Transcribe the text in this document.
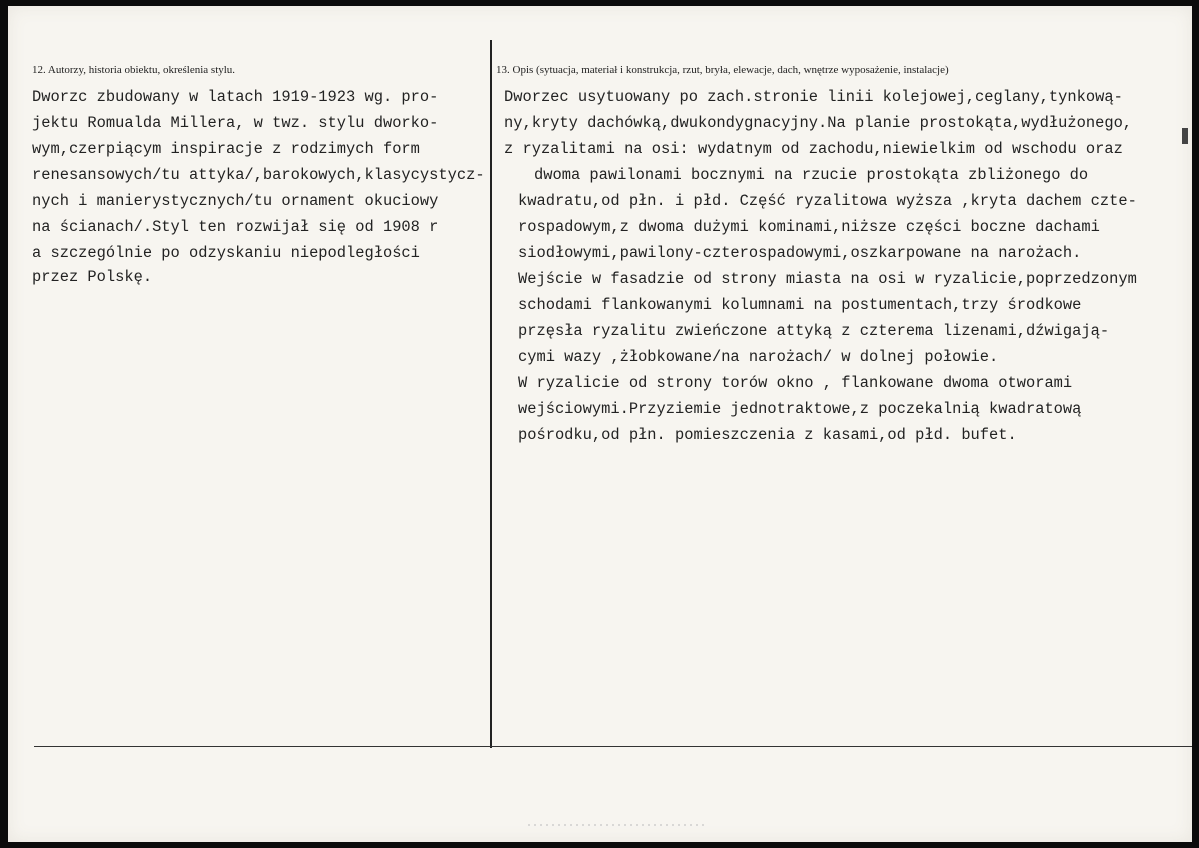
12. Autorzy, historia obiektu, określenia stylu.	13. Opis (sytuacja, materiał i konstrukcja, rzut, bryła, elewacje, dach, wnętrze wyposażenie, instalacje)
Dworzc zbudowany w latach 1919-1923 wg. pro-
jektu Romualda Millera, w twz. stylu dworko-
wym,czerpiącym inspiracje z rodzimych form
renesansowych/tu attyka/,barokowych,klasycystycz-
nych i manierystycznych/tu ornament okuciowy
na ścianach/.Styl ten rozwijał się od 1908 r
a szczególnie po odzyskaniu niepodległości
przez Polskę.
Dworzec usytuowany po zach.stronie linii kolejowej,ceglany,tynkową-
ny,kryty dachówką,dwukondygnacyjny.Na planie prostokąta,wydłużonego,
z ryzalitami na osi: wydatnym od zachodu,niewielkim od wschodu oraz
dwoma pawilonami bocznymi na rzucie prostokąta zbliżonego do
kwadratu,od płn. i płd. Część ryzalitowa wyższa ,kryta dachem czte-
rospadowym,z dwoma dużymi kominami,niższe części boczne dachami
siodłowymi,pawilony-czterospadowymi,oszkarpowane na narożach.
Wejście w fasadzie od strony miasta na osi w ryzalicie,poprzedzonym
schodami flankowanymi kolumnami na postumentach,trzy środkowe
przęsła ryzalitu zwieńczone attyką z czterema lizenami,dźwigają-
cymi wazy ,żłobkowane/na narożach/ w dolnej połowie.
W ryzalicie od strony torów okno , flankowane dwoma otworami
wejściowymi.Przyziemie jednotraktowe,z poczekalnią kwadratową
pośrodku,od płn. pomieszczenia z kasami,od płd. bufet.
